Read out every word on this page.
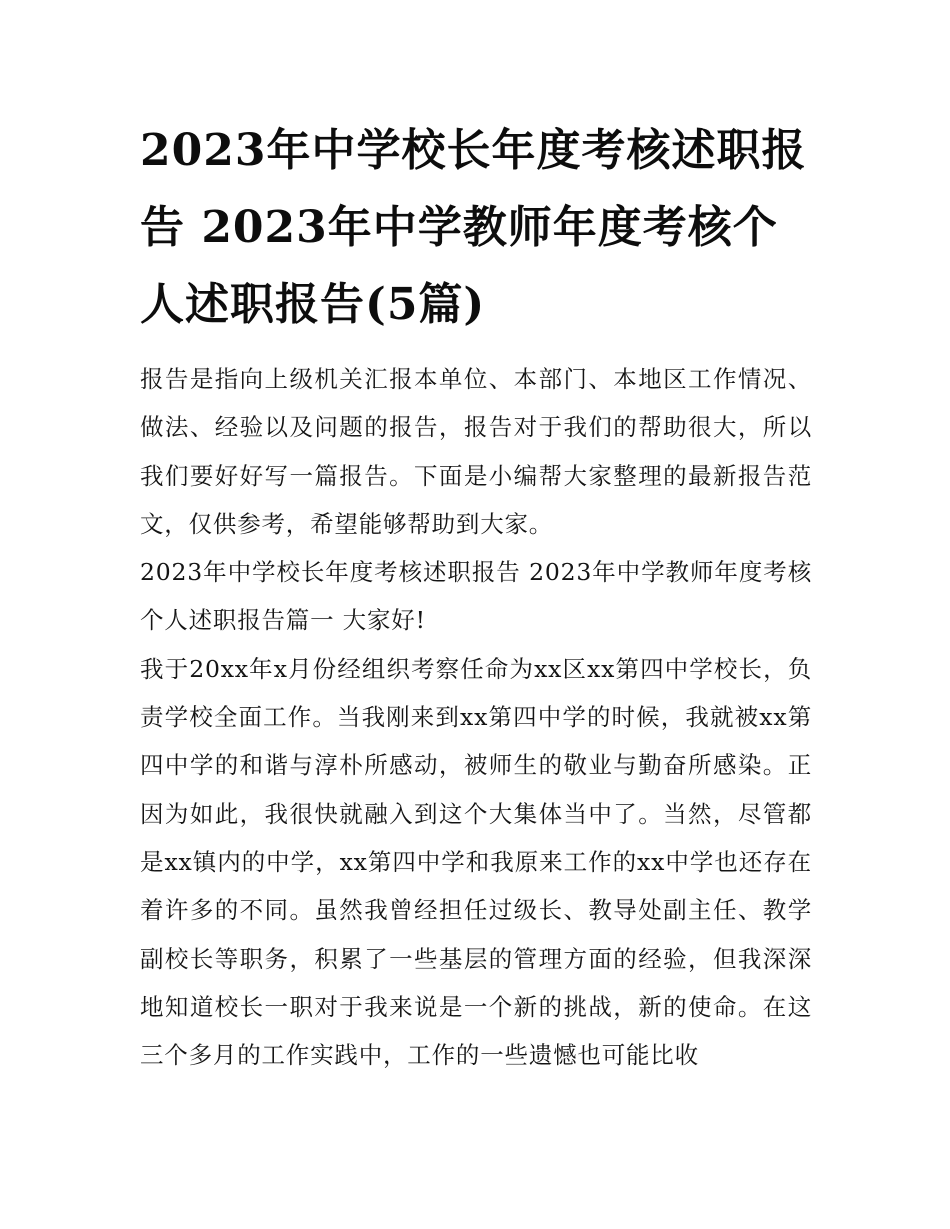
2023年中学校长年度考核述职报告 2023年中学教师年度考核个人述职报告(5篇)

报告是指向上级机关汇报本单位、本部门、本地区工作情况、做法、经验以及问题的报告，报告对于我们的帮助很大，所以我们要好好写一篇报告。下面是小编帮大家整理的最新报告范文，仅供参考，希望能够帮助到大家。

2023年中学校长年度考核述职报告 2023年中学教师年度考核个人述职报告篇一 大家好!

我于20xx年x月份经组织考察任命为xx区xx第四中学校长，负责学校全面工作。当我刚来到xx第四中学的时候，我就被xx第四中学的和谐与淳朴所感动，被师生的敬业与勤奋所感染。正因为如此，我很快就融入到这个大集体当中了。当然，尽管都是xx镇内的中学，xx第四中学和我原来工作的xx中学也还存在着许多的不同。虽然我曾经担任过级长、教导处副主任、教学副校长等职务，积累了一些基层的管理方面的经验，但我深深地知道校长一职对于我来说是一个新的挑战，新的使命。在这三个多月的工作实践中，工作的一些遗憾也可能比收
